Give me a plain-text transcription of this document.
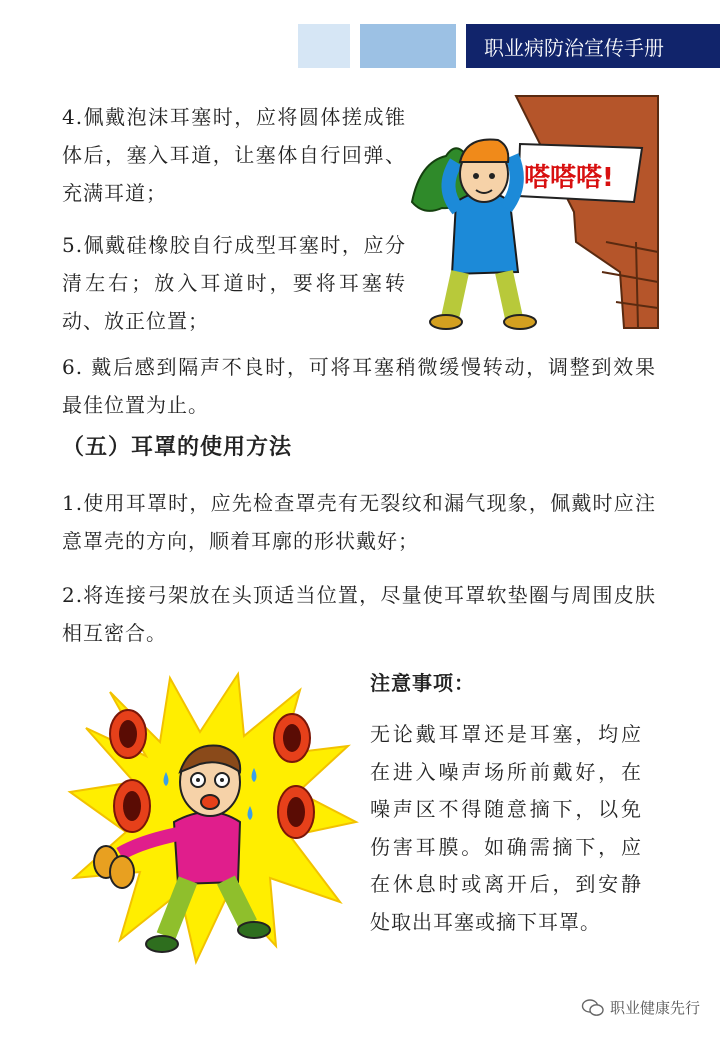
职业病防治宣传手册

4.佩戴泡沫耳塞时，应将圆体搓成锥体后，塞入耳道，让塞体自行回弹、充满耳道；

5.佩戴硅橡胶自行成型耳塞时，应分清左右；放入耳道时，要将耳塞转动、放正位置；

6. 戴后感到隔声不良时，可将耳塞稍微缓慢转动，调整到效果最佳位置为止。

嗒嗒嗒!
（五）耳罩的使用方法

1.使用耳罩时，应先检查罩壳有无裂纹和漏气现象，佩戴时应注意罩壳的方向，顺着耳廓的形状戴好；

2.将连接弓架放在头顶适当位置，尽量使耳罩软垫圈与周围皮肤相互密合。

注意事项：

无论戴耳罩还是耳塞，均应在进入噪声场所前戴好，在噪声区不得随意摘下，以免伤害耳膜。如确需摘下，应在休息时或离开后，到安静处取出耳塞或摘下耳罩。

职业健康先行
